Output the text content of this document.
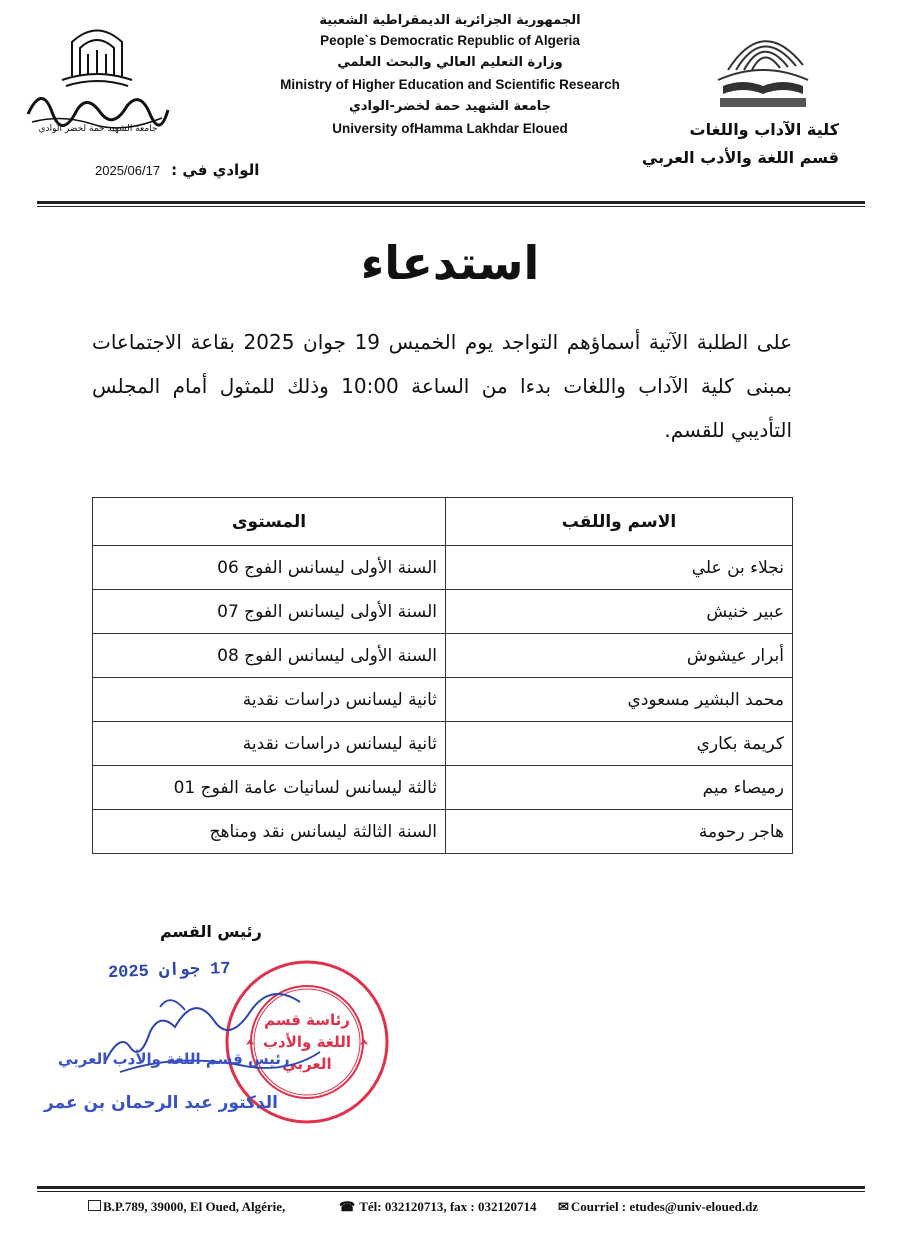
جامعة الشهيد حمة لخضر الوادي
الجمهورية الجزائرية الديمقراطية الشعبية
People`s Democratic Republic of Algeria
وزارة التعليم العالي والبحث العلمي
Ministry of Higher Education and Scientific Research
جامعة الشهيد حمة لخضر-الوادي
University ofHamma Lakhdar Eloued	كلية الآداب واللغات
قسم اللغة والأدب العربي
2025/06/17 الوادي في :
استدعاء
على الطلبة الآتية أسماؤهم التواجد يوم الخميس 19 جوان 2025 بقاعة الاجتماعات بمبنى كلية الآداب واللغات بدءا من الساعة 10:00 وذلك للمثول أمام المجلس التأديبي للقسم.
الاسم واللقب	المستوى
نجلاء بن علي	السنة الأولى ليسانس الفوج 06
عبير خنيش	السنة الأولى ليسانس الفوج 07
أبرار عيشوش	السنة الأولى ليسانس الفوج 08
محمد البشير مسعودي	ثانية ليسانس دراسات نقدية
كريمة بكاري	ثانية ليسانس دراسات نقدية
رميصاء ميم	ثالثة ليسانس لسانيات عامة الفوج 01
هاجر رحومة	السنة الثالثة ليسانس نقد ومناهج
رئيس القسم
17 جوان 2025
رئاسة قسم
اللغة والأدب
العربي
رئيس قسم اللغة والأدب العربي
الدكتور عبد الرحمان بن عمر
B.P.789, 39000, El Oued, Algérie,	☎ Tél: 032120713, fax : 032120714 ✉ Courriel : etudes@univ-eloued.dz
